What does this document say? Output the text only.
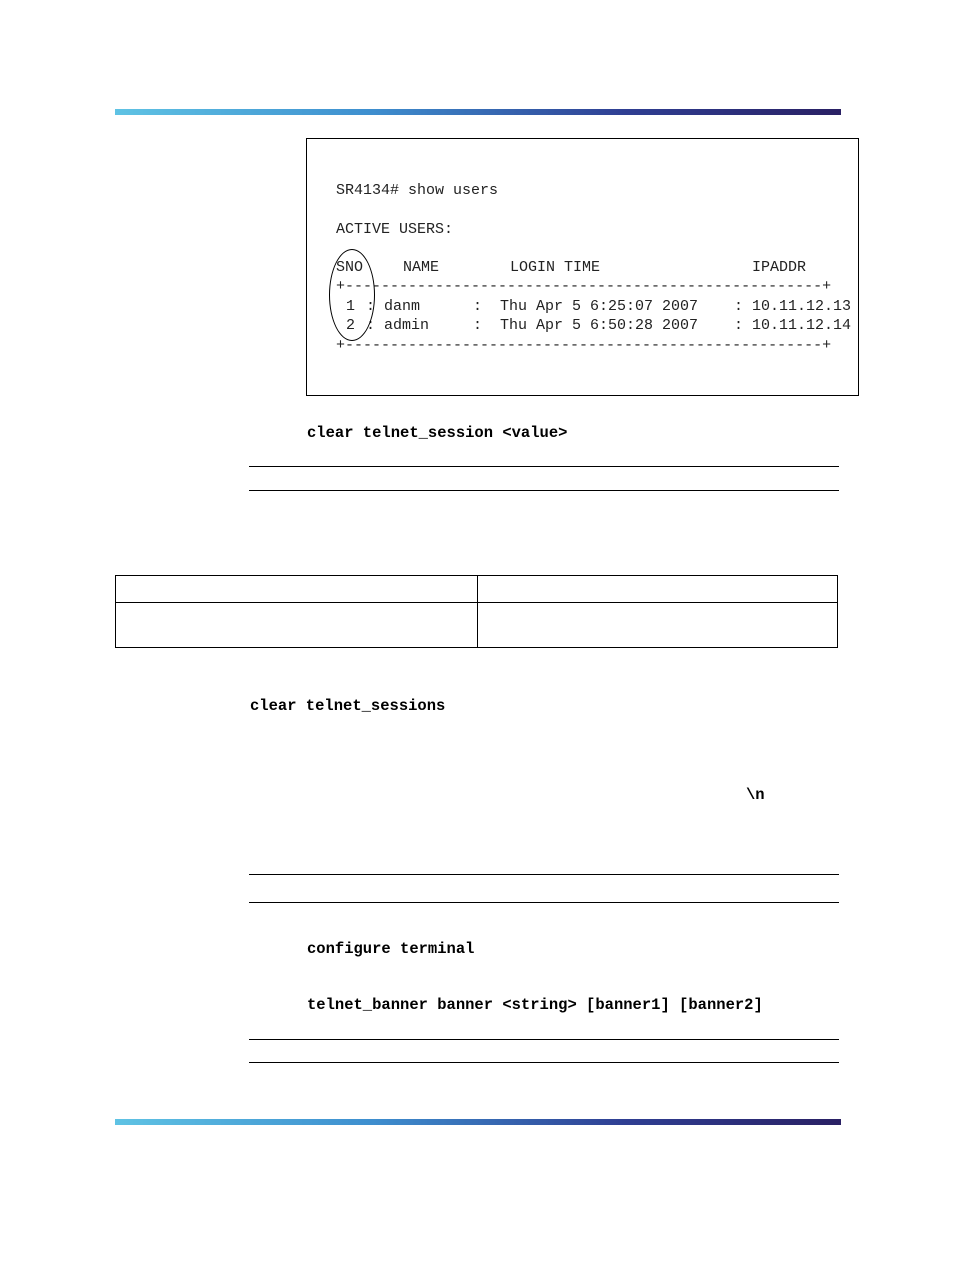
SR4134# show users
ACTIVE USERS:
SNO	NAME	LOGIN TIME	IPADDR
+-----------------------------------------------------+
1 : danm	: Thu Apr 5 6:25:07 2007 : 10.11.12.13
2 : admin	: Thu Apr 5 6:50:28 2007 : 10.11.12.14
+-----------------------------------------------------+
clear telnet_session <value>
clear telnet_sessions
\n
configure terminal
telnet_banner banner <string> [banner1] [banner2]
